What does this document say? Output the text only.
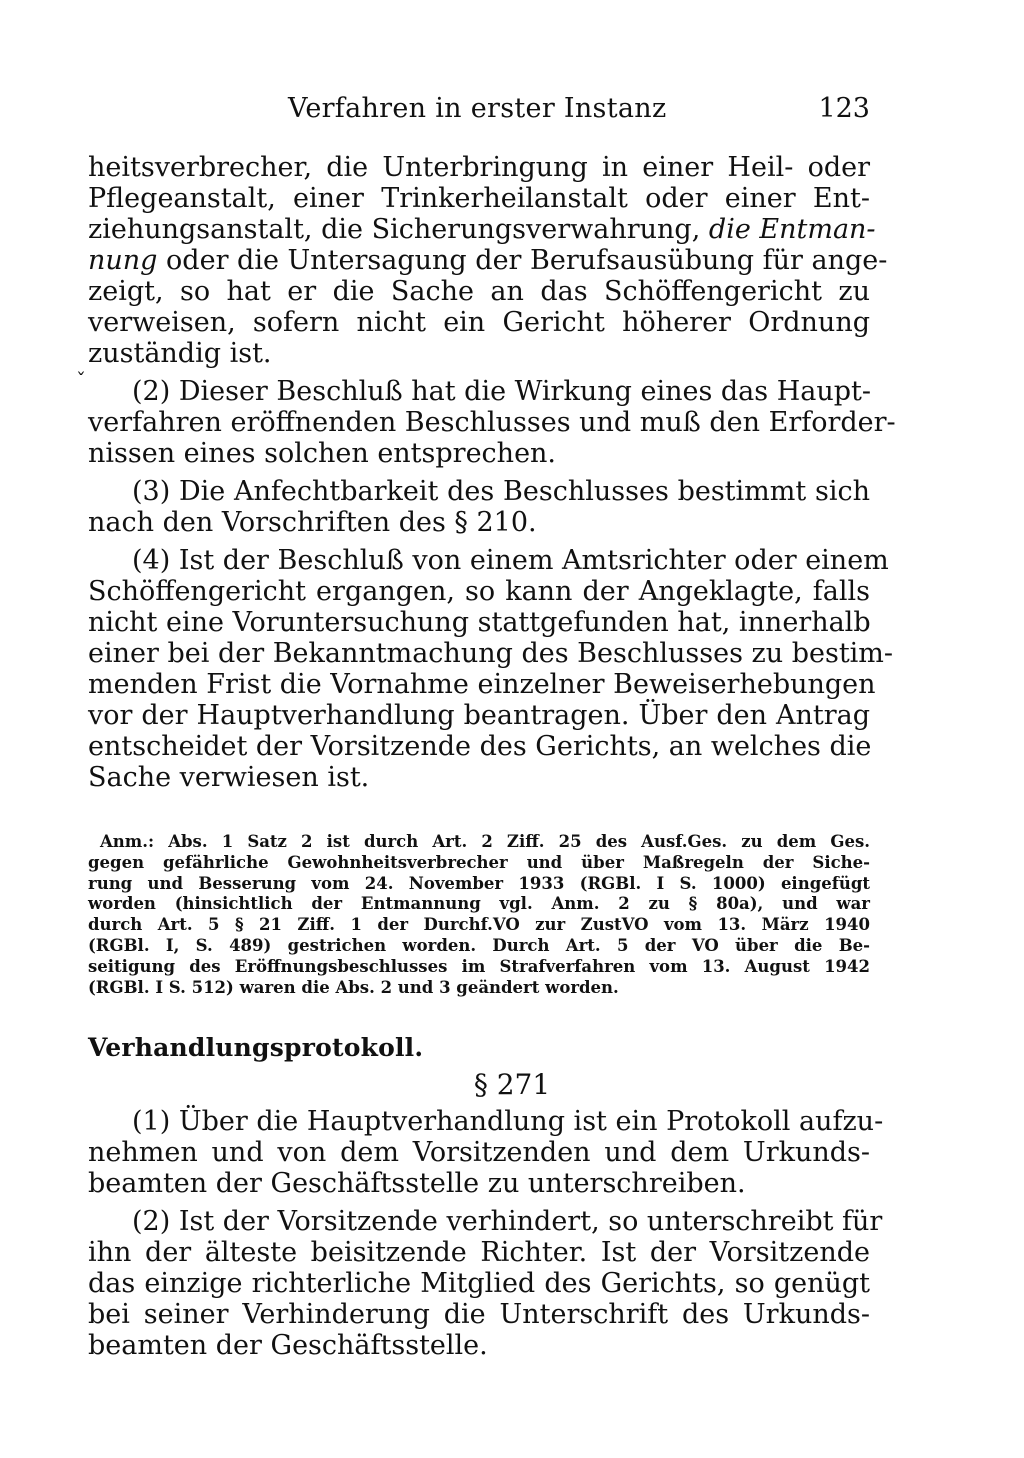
Verfahren in erster Instanz	123
ˇ
heitsverbrecher, die Unterbringung in einer Heil- oder
Pflegeanstalt, einer Trinkerheilanstalt oder einer Ent-
ziehungsanstalt, die Sicherungsverwahrung, die Entman-
nung oder die Untersagung der Berufsausübung für ange-
zeigt, so hat er die Sache an das Schöffengericht zu
verweisen, sofern nicht ein Gericht höherer Ordnung
zuständig ist.
(2) Dieser Beschluß hat die Wirkung eines das Haupt-
verfahren eröffnenden Beschlusses und muß den Erforder-
nissen eines solchen entsprechen.
(3) Die Anfechtbarkeit des Beschlusses bestimmt sich
nach den Vorschriften des § 210.
(4) Ist der Beschluß von einem Amtsrichter oder einem
Schöffengericht ergangen, so kann der Angeklagte, falls
nicht eine Voruntersuchung stattgefunden hat, innerhalb
einer bei der Bekanntmachung des Beschlusses zu bestim-
menden Frist die Vornahme einzelner Beweiserhebungen
vor der Hauptverhandlung beantragen. Über den Antrag
entscheidet der Vorsitzende des Gerichts, an welches die
Sache verwiesen ist.
Anm.: Abs. 1 Satz 2 ist durch Art. 2 Ziff. 25 des Ausf.Ges. zu dem Ges.
gegen gefährliche Gewohnheitsverbrecher und über Maßregeln der Siche-
rung und Besserung vom 24. November 1933 (RGBl. I S. 1000) eingefügt
worden (hinsichtlich der Entmannung vgl. Anm. 2 zu § 80a), und war
durch Art. 5 § 21 Ziff. 1 der Durchf.VO zur ZustVO vom 13. März 1940
(RGBl. I, S. 489) gestrichen worden. Durch Art. 5 der VO über die Be-
seitigung des Eröffnungsbeschlusses im Strafverfahren vom 13. August 1942
(RGBl. I S. 512) waren die Abs. 2 und 3 geändert worden.
Verhandlungsprotokoll.
§ 271
(1) Über die Hauptverhandlung ist ein Protokoll aufzu-
nehmen und von dem Vorsitzenden und dem Urkunds-
beamten der Geschäftsstelle zu unterschreiben.
(2) Ist der Vorsitzende verhindert, so unterschreibt für
ihn der älteste beisitzende Richter. Ist der Vorsitzende
das einzige richterliche Mitglied des Gerichts, so genügt
bei seiner Verhinderung die Unterschrift des Urkunds-
beamten der Geschäftsstelle.
